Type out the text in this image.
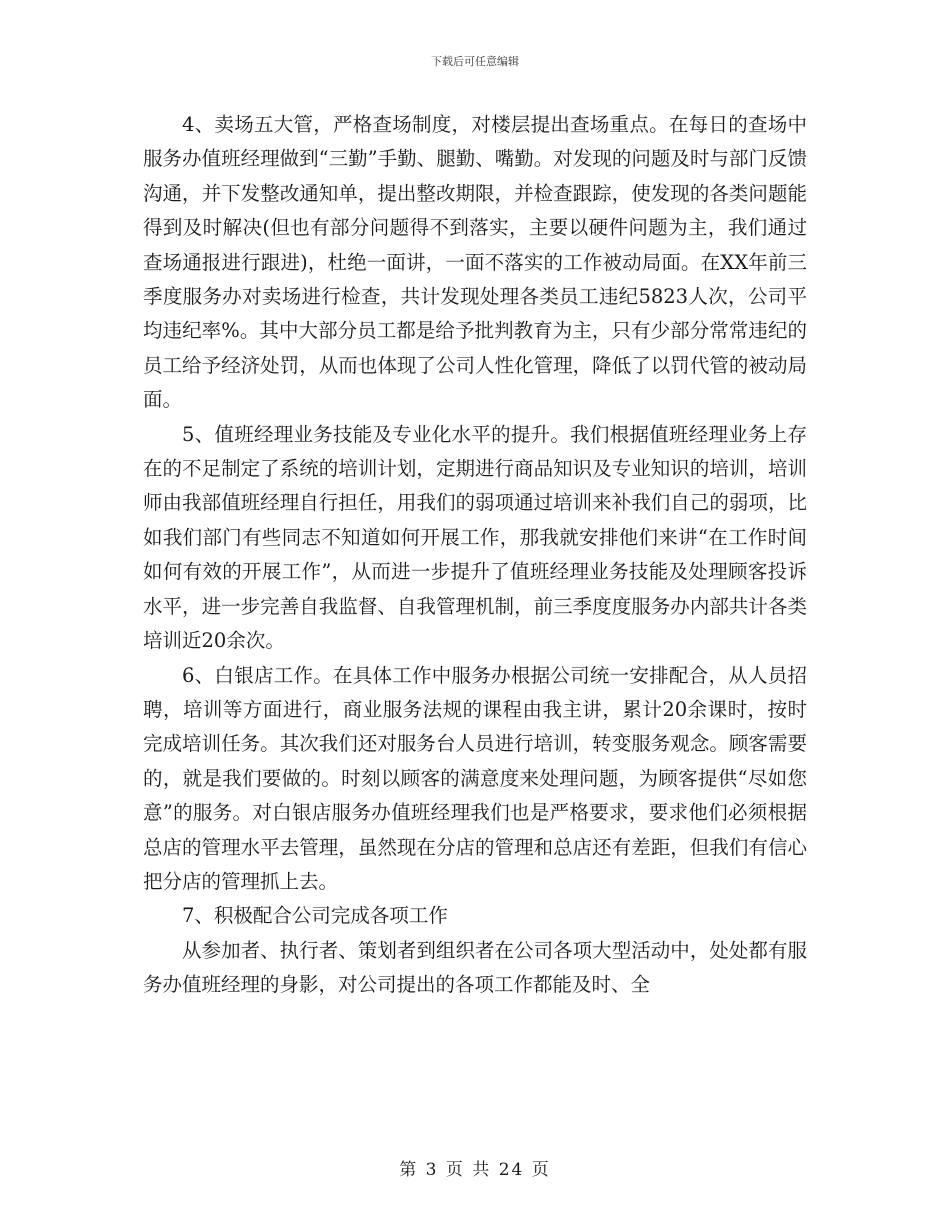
下载后可任意编辑

4、卖场五大管，严格查场制度，对楼层提出查场重点。在每日的查场中服务办值班经理做到“三勤”手勤、腿勤、嘴勤。对发现的问题及时与部门反馈沟通，并下发整改通知单，提出整改期限，并检查跟踪，使发现的各类问题能得到及时解决(但也有部分问题得不到落实，主要以硬件问题为主，我们通过查场通报进行跟进)，杜绝一面讲，一面不落实的工作被动局面。在XX年前三季度服务办对卖场进行检查，共计发现处理各类员工违纪5823人次，公司平均违纪率%。其中大部分员工都是给予批判教育为主，只有少部分常常违纪的员工给予经济处罚，从而也体现了公司人性化管理，降低了以罚代管的被动局面。

5、值班经理业务技能及专业化水平的提升。我们根据值班经理业务上存在的不足制定了系统的培训计划，定期进行商品知识及专业知识的培训，培训师由我部值班经理自行担任，用我们的弱项通过培训来补我们自己的弱项，比如我们部门有些同志不知道如何开展工作，那我就安排他们来讲“在工作时间如何有效的开展工作”，从而进一步提升了值班经理业务技能及处理顾客投诉水平，进一步完善自我监督、自我管理机制，前三季度度服务办内部共计各类培训近20余次。

6、白银店工作。在具体工作中服务办根据公司统一安排配合，从人员招聘，培训等方面进行，商业服务法规的课程由我主讲，累计20余课时，按时完成培训任务。其次我们还对服务台人员进行培训，转变服务观念。顾客需要的，就是我们要做的。时刻以顾客的满意度来处理问题，为顾客提供“尽如您意”的服务。对白银店服务办值班经理我们也是严格要求，要求他们必须根据总店的管理水平去管理，虽然现在分店的管理和总店还有差距，但我们有信心把分店的管理抓上去。

7、积极配合公司完成各项工作

从参加者、执行者、策划者到组织者在公司各项大型活动中，处处都有服务办值班经理的身影，对公司提出的各项工作都能及时、全

第 3 页 共 24 页
